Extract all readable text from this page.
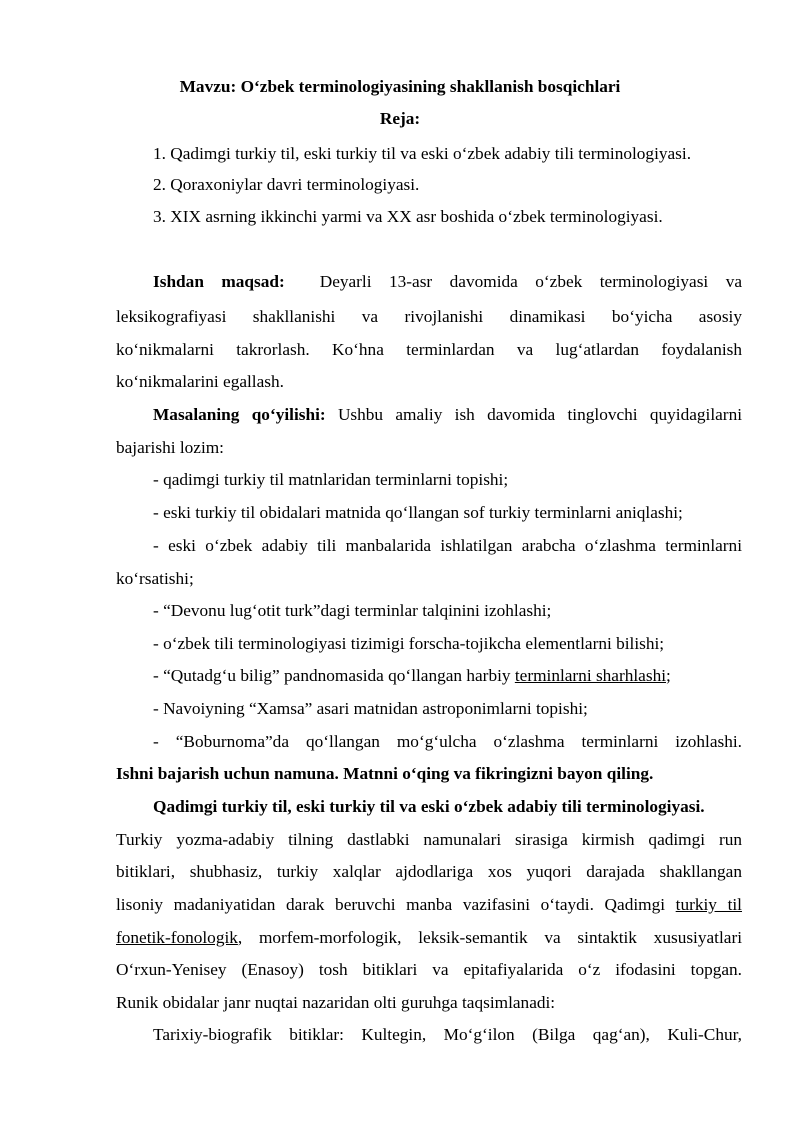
Mavzu: O‘zbek terminologiyasining shakllanish bosqichlari
Reja:
1. Qadimgi turkiy til, eski turkiy til va eski o‘zbek adabiy tili terminologiyasi.
2. Qoraxoniylar davri terminologiyasi.
3. XIX asrning ikkinchi yarmi va XX asr boshida o‘zbek terminologiyasi.
Ishdan maqsad: Deyarli 13-asr davomida o‘zbek terminologiyasi va
leksikografiyasi shakllanishi va rivojlanishi dinamikasi bo‘yicha asosiy
ko‘nikmalarni takrorlash. Ko‘hna terminlardan va lug‘atlardan foydalanish
ko‘nikmalarini egallash.
Masalaning qo‘yilishi: Ushbu amaliy ish davomida tinglovchi quyidagilarni
bajarishi lozim:
- qadimgi turkiy til matnlaridan terminlarni topishi;
- eski turkiy til obidalari matnida qo‘llangan sof turkiy terminlarni aniqlashi;
- eski o‘zbek adabiy tili manbalarida ishlatilgan arabcha o‘zlashma terminlarni
ko‘rsatishi;
- “Devonu lug‘otit turk”dagi terminlar talqinini izohlashi;
- o‘zbek tili terminologiyasi tizimigi forscha-tojikcha elementlarni bilishi;
- “Qutadg‘u bilig” pandnomasida qo‘llangan harbiy terminlarni sharhlashi;
- Navoiyning “Xamsa” asari matnidan astroponimlarni topishi;
- “Boburnoma”da qo‘llangan mo‘g‘ulcha o‘zlashma terminlarni izohlashi.
Ishni bajarish uchun namuna. Matnni o‘qing va fikringizni bayon qiling.
Qadimgi turkiy til, eski turkiy til va eski o‘zbek adabiy tili terminologiyasi.
Turkiy yozma-adabiy tilning dastlabki namunalari sirasiga kirmish qadimgi run
bitiklari, shubhasiz, turkiy xalqlar ajdodlariga xos yuqori darajada shakllangan
lisoniy madaniyatidan darak beruvchi manba vazifasini o‘taydi. Qadimgi turkiy til
fonetik-fonologik, morfem-morfologik, leksik-semantik va sintaktik xususiyatlari
O‘rxun-Yenisey (Enasoy) tosh bitiklari va epitafiyalarida o‘z ifodasini topgan.
Runik obidalar janr nuqtai nazaridan olti guruhga taqsimlanadi:
Tarixiy-biografik bitiklar: Kultegin, Mo‘g‘ilon (Bilga qag‘an), Kuli-Chur,
